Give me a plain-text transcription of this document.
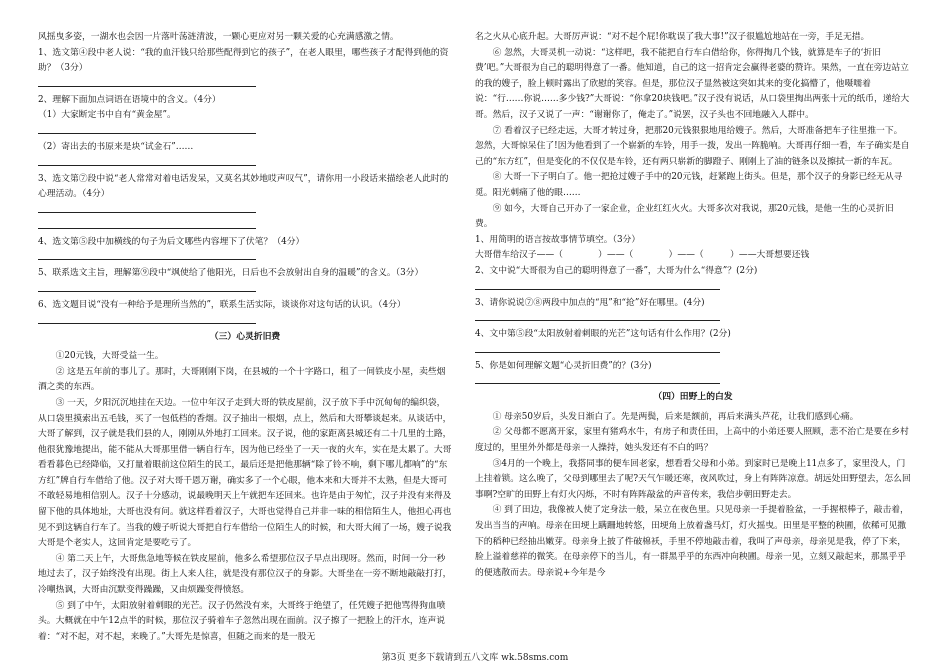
风摇曳多姿，一湖水也会因一片落叶荡涟清波，一颗心更应对另一颗关爱的心充满感激之情。
1、选文第④段中老人说：“我的血汗钱只给那些配得到它的孩子”，在老人眼里，哪些孩子才配得到他的资助？（3分）
2、理解下面加点词语在语境中的含义。（4分）
（1）大家断定书中自有“黄金屋”。
（2）寄出去的书原来是块“试金石”……
3、选文第⑦段中说“老人常常对着电话发呆，又莫名其妙地哎声叹气”，请你用一小段话来描绘老人此时的心理活动。（4分）
4、选文第⑤段中加横线的句子为后文哪些内容埋下了伏笔？（4分）
5、联系选文主旨，理解第⑨段中“飒使给了他阳光，日后也不会放射出自身的温暖”的含义。（3分）
6、选文题目说“没有一种给予是理所当然的”，联系生活实际，谈谈你对这句话的认识。（4分）
（三）心灵折旧费
①20元钱，大哥受益一生。
② 这是五年前的事儿了。那时，大哥刚刚下岗，在县城的一个十字路口，租了一间铁皮小屋，卖些烟酒之类的东西。
③ 一天，夕阳沉沉地挂在天边。一位中年汉子走到大哥的铁皮屋前，汉子放下手中沉甸甸的编织袋，从口袋里摸索出五毛钱，买了一包低档的香烟。汉子抽出一根烟，点上，然后和大哥攀谈起来。从谈话中，大哥了解到，汉子就是我们县的人，刚刚从外地打工回来。汉子说，他的家距离县城还有二十几里的土路，他很犹豫地提出，能不能从大哥那里借一辆自行车，因为他已经坐了一天一夜的火车，实在是太累了。大哥看看暮色已经降临，又打量着眼前这位陌生的民工，最后还是把他那辆“除了铃不响，剩下哪儿都响”的“东方红”牌自行车借给了他。汉子对大哥千恩万谢，确实多了一个心眼，他本来和大哥并不太熟，但是大哥可不敢轻易地相信别人。汉子十分感动，说最晚明天上午就把车还回来。也许是由于匆忙，汉子并没有来得及留下他的具体地址，大哥也没有问。就这样看着汉子，大哥也觉得自己并非一味的相信陌生人，他担心再也见不到这辆自行车了。当我的嫂子听说大哥把自行车借给一位陌生人的时候，和大哥大闹了一场，嫂子说我大哥是个老实人，这回肯定是要吃亏了。
④ 第二天上午，大哥焦急地等候在铁皮屋前，他多么希望那位汉子早点出现呀。然而，时间一分一秒地过去了，汉子始终没有出现。街上人来人往，就是没有那位汉子的身影。大哥坐在一旁不断地敲敲打打，冷嘲热讽，大哥由沉默变得躁躁，又由烦躁变得愤怒。
⑤ 到了中午，太阳放射着刺眼的光芒。汉子仍然没有来，大哥终于绝望了，任凭嫂子把他骂得狗血喷头。大概就在中午12点半的时候，那位汉子骑着车子忽然出现在面前。汉子擦了一把脸上的汗水，连声说着：“对不起，对不起，来晚了。”大哥先是惊喜，但随之而来的是一股无
名之火从心底升起。大哥厉声说：“对不起个屁!你耽误了我大事!”汉子很尴尬地站在一旁，手足无措。
⑥ 忽然，大哥灵机一动说：“这样吧，我不能把自行车白借给你，你得掏几个钱，就算是车子的‘折旧费’吧。”大哥很为自己的聪明得意了一番。他知道，自己的这一招肯定会赢得老婆的赞许。果然，一直在旁边站立的我的嫂子，脸上顿时露出了欣慰的笑容。但是，那位汉子显然被这突如其来的变化搞懵了，他嗫嚅着说：“行……你说……多少钱?”大哥说：“你拿20块钱吧。”汉子没有说话，从口袋里掏出两张十元的纸币，递给大哥。然后，汉子又说了一声：“谢谢你了，俺走了。”说罢，汉子头也不回地融入人群中。
⑦ 看着汉子已经走远，大哥才转过身，把那20元钱狠狠地甩给嫂子。然后，大哥准备把车子往里推一下。忽然，大哥惊呆住了!因为他看到了一个崭新的车铃，用手一拨，发出一阵脆响。大哥再仔细一看，车子确实是自己的“东方红”，但是变化的不仅仅是车铃，还有两只崭新的脚蹬子、刚刚上了油的链条以及擦拭一新的车瓦。
⑧ 大哥一下子明白了。他一把抢过嫂子手中的20元钱，赶紧跑上街头。但是，那个汉子的身影已经无从寻觅。阳光刺痛了他的眼……
⑨ 如今，大哥自己开办了一家企业，企业红红火火。大哥多次对我说，那20元钱，是他一生的心灵折旧费。
1、用简明的语言按故事情节填空。（3分）
大哥借车给汉子——（　　　　）——（　　　　）——（　　　）——大哥想要还钱
2、文中说“大哥很为自己的聪明得意了一番”，大哥为什么“得意”？(2分)
3、请你说说⑦⑧两段中加点的“甩”和“抢”好在哪里。(4分)
4、文中第⑤段“太阳放射着刺眼的光芒”这句话有什么作用？(2分)
5、你是如何理解文题“心灵折旧费”的？(3分)
（四）田野上的白发
① 母亲50岁后，头发日渐白了。先是两鬓，后来是额前，再后来满头芦花，让我们感到心痛。
② 父母都不愿离开家，家里有猪鸡水牛，有房子和责任田，上高中的小弟还要人照顾，悲不治亡是要在乡村度过的，里里外外都是母亲一人操持，她头发还有不白的吗？
③4月的一个晚上，我搭同事的便车回老家，想看看父母和小弟。到家时已是晚上11点多了，家里没人，门上挂着锁。这么晚了，父母到哪里去了呢?天气乍暖还寒，夜风吹过，身上有阵阵凉意。胡远处田野望去，怎么回事啊?空旷的田野上有灯火闪烁，不时有阵阵敲盆的声音传来，我信步朝田野走去。
④ 到了田边，我像被人使了定身法一般，呆立在夜色里。只见母亲一手提着脸盆，一手握根棒子，敲击着，发出当当的声响。母亲在田埂上蹒跚地转悠，田埂角上放着盏马灯，灯火摇曳。田里是平整的秧圃，依稀可见撒下的稻种已经抽出嫩芽。母亲身上披了件破棉袄，手里不停地敲击着，我叫了声母亲，母亲见是我，停了下来，脸上溢着慈祥的微笑。在母亲停下的当儿，有一群黑乎乎的东西冲向秧圃。母亲一见，立刻又敲起来，那黑乎乎的便逃散而去。母亲说+今年是今
第3页 更多下载请到五八文库 wk.58sms.com
